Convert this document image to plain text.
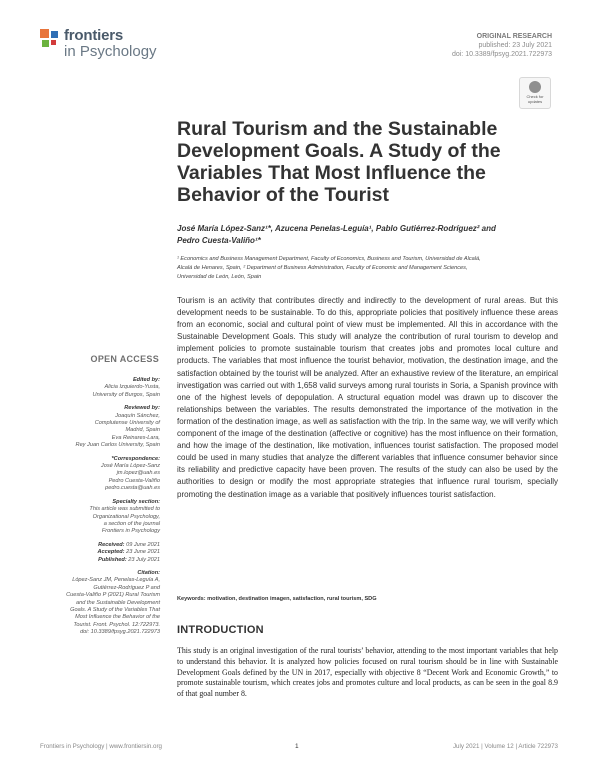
frontiers
in Psychology
ORIGINAL RESEARCH
published: 23 July 2021
doi: 10.3389/fpsyg.2021.722973
Check for
updates
Rural Tourism and the Sustainable Development Goals. A Study of the Variables That Most Influence the Behavior of the Tourist
José María López-Sanz¹*, Azucena Penelas-Leguía¹, Pablo Gutiérrez-Rodríguez² and
Pedro Cuesta-Valiño¹*
¹ Economics and Business Management Department, Faculty of Economics, Business and Tourism, Universidad de Alcalá,
Alcalá de Henares, Spain, ² Department of Business Administration, Faculty of Economic and Management Sciences,
Universidad de León, León, Spain
Tourism is an activity that contributes directly and indirectly to the development of rural areas. But this development needs to be sustainable. To do this, appropriate policies that positively influence these areas from an economic, social and cultural point of view must be implemented. All this in accordance with the Sustainable Development Goals. This study will analyze the contribution of rural tourism to develop and implement policies to promote sustainable tourism that creates jobs and promotes local culture and products. The variables that most influence the tourist behavior, motivation, the destination image, and the satisfaction obtained by the tourist will be analyzed. After an exhaustive review of the literature, an empirical investigation was carried out with 1,658 valid surveys among rural tourists in Soria, a Spanish province with one of the highest levels of depopulation. A structural equation model was drawn up to discover the relationships between the variables. The results demonstrated the importance of the motivation in the formation of the destination image, as well as satisfaction with the trip. In the same way, we will verify which component of the image of the destination (affective or cognitive) has the most influence on their formation, and how the image of the destination, like motivation, influences tourist satisfaction. The proposed model could be used in many studies that analyze the different variables that influence consumer behavior since its reliability and predictive capacity have been proven. The results of the study can also be used by the authorities to design or modify the most appropriate strategies that influence rural tourism, specially promoting the destination image as a variable that positively influences tourist satisfaction.
Keywords: motivation, destination imagen, satisfaction, rural tourism, SDG
INTRODUCTION
This study is an original investigation of the rural tourists’ behavior, attending to the most important variables that help to understand this behavior. It is analyzed how policies focused on rural tourism should be in line with Sustainable Development Goals defined by the UN in 2017, especially with objective 8 “Decent Work and Economic Growth,” to promote sustainable tourism, which creates jobs and promotes culture and local products, as can be seen in the goal 8.9 of that goal number 8.
OPEN ACCESS
Edited by:
Alicia Izquierdo-Yusta,
University of Burgos, Spain
Reviewed by:
Joaquín Sánchez,
Complutense University of
Madrid, Spain
Eva Reinares-Lara,
Rey Juan Carlos University, Spain
*Correspondence:
José María López-Sanz
jm.lopez@uah.es
Pedro Cuesta-Valiño
pedro.cuesta@uah.es
Specialty section:
This article was submitted to
Organizational Psychology,
a section of the journal
Frontiers in Psychology
Received: 09 June 2021
Accepted: 23 June 2021
Published: 23 July 2021
Citation:
López-Sanz JM, Penelas-Leguía A,
Gutiérrez-Rodríguez P and
Cuesta-Valiño P (2021) Rural Tourism
and the Sustainable Development
Goals. A Study of the Variables That
Most Influence the Behavior of the
Tourist. Front. Psychol. 12:722973.
doi: 10.3389/fpsyg.2021.722973
Frontiers in Psychology | www.frontiersin.org	1	July 2021 | Volume 12 | Article 722973
